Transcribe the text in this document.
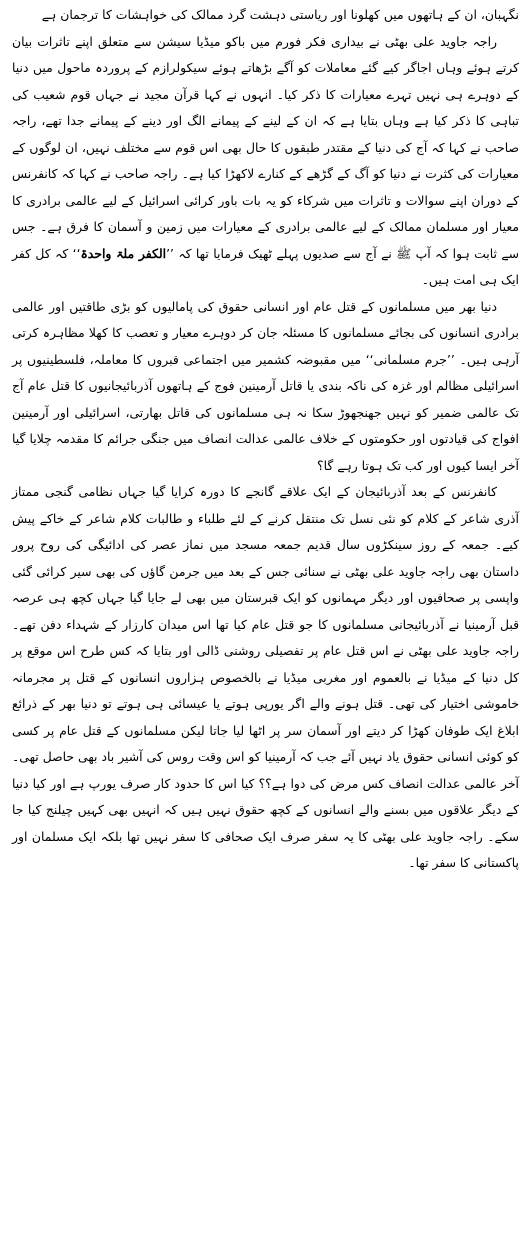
نگہبان، ان کے ہاتھوں میں کھلونا اور ریاستی دہشت گرد ممالک کی خواہشات کا ترجمان ہے

راجہ جاوید علی بھٹی نے بیداری فکر فورم میں باکو میڈیا سیشن سے متعلق اپنے تاثرات بیان کرتے ہوئے وہاں اجاگر کیے گئے معاملات کو آگے بڑھاتے ہوئے سیکولرازم کے پروردہ ماحول میں دنیا کے دوہرے ہی نہیں تہرے معیارات کا ذکر کیا۔ انہوں نے کہا قرآن مجید نے جہاں قوم شعیب کی تباہی کا ذکر کیا ہے وہاں بتایا ہے کہ ان کے لینے کے پیمانے الگ اور دینے کے پیمانے جدا تھے، راجہ صاحب نے کہا کہ آج کی دنیا کے مقتدر طبقوں کا حال بھی اس قوم سے مختلف نہیں، ان لوگوں کے معیارات کی کثرت نے دنیا کو آگ کے گڑھے کے کنارے لاکھڑا کیا ہے۔ راجہ صاحب نے کہا کہ کانفرنس کے دوران اپنے سوالات و تاثرات میں شرکاء کو یہ بات باور کرائی اسرائیل کے لیے عالمی برادری کا معیار اور مسلمان ممالک کے لیے عالمی برادری کے معیارات میں زمین و آسمان کا فرق ہے۔ جس سے ثابت ہوا کہ آپ ﷺ نے آج سے صدیوں پہلے ٹھیک فرمایا تھا کہ ’’الکفر ملۃ واحدۃ‘‘ کہ کل کفر ایک ہی امت ہیں۔

دنیا بھر میں مسلمانوں کے قتل عام اور انسانی حقوق کی پامالیوں کو بڑی طاقتیں اور عالمی برادری انسانوں کی بجائے مسلمانوں کا مسئلہ جان کر دوہرے معیار و تعصب کا کھلا مظاہرہ کرتی آرہی ہیں۔ ’’جرم مسلمانی‘‘ میں مقبوضہ کشمیر میں اجتماعی قبروں کا معاملہ، فلسطینیوں پر اسرائیلی مظالم اور غزہ کی ناکہ بندی یا قاتل آرمینین فوج کے ہاتھوں آذربائیجانیوں کا قتل عام آج تک عالمی ضمیر کو نہیں جھنجھوڑ سکا نہ ہی مسلمانوں کی قاتل بھارتی، اسرائیلی اور آرمینین افواج کی قیادتوں اور حکومتوں کے خلاف عالمی عدالت انصاف میں جنگی جرائم کا مقدمہ چلایا گیا آخر ایسا کیوں اور کب تک ہوتا رہے گا؟

کانفرنس کے بعد آذربائیجان کے ایک علاقے گانجے کا دورہ کرایا گیا جہاں نظامی گنجی ممتاز آذری شاعر کے کلام کو نئی نسل تک منتقل کرنے کے لئے طلباء و طالبات کلام شاعر کے خاکے پیش کیے۔ جمعہ کے روز سینکڑوں سال قدیم جمعہ مسجد میں نماز عصر کی ادائیگی کی روح پرور داستان بھی راجہ جاوید علی بھٹی نے سنائی جس کے بعد میں جرمن گاؤں کی بھی سیر کرائی گئی واپسی پر صحافیوں اور دیگر مہمانوں کو ایک قبرستان میں بھی لے جایا گیا جہاں کچھ ہی عرصہ قبل آرمینیا نے آذربائیجانی مسلمانوں کا جو قتل عام کیا تھا اس میدان کارزار کے شہداء دفن تھے۔ راجہ جاوید علی بھٹی نے اس قتل عام پر تفصیلی روشنی ڈالی اور بتایا کہ کس طرح اس موقع پر کل دنیا کے میڈیا نے بالعموم اور مغربی میڈیا نے بالخصوص ہزاروں انسانوں کے قتل پر مجرمانہ خاموشی اختیار کی تھی۔ قتل ہونے والے اگر یورپی ہوتے یا عیسائی ہی ہوتے تو دنیا بھر کے ذرائع ابلاغ ایک طوفان کھڑا کر دیتے اور آسمان سر پر اٹھا لیا جاتا لیکن مسلمانوں کے قتل عام پر کسی کو کوئی انسانی حقوق یاد نہیں آئے جب کہ آرمینیا کو اس وقت روس کی آشیر باد بھی حاصل تھی۔ آخر عالمی عدالت انصاف کس مرض کی دوا ہے؟؟ کیا اس کا حدود کار صرف یورپ ہے اور کیا دنیا کے دیگر علاقوں میں بسنے والے انسانوں کے کچھ حقوق نہیں ہیں کہ انہیں بھی کہیں چیلنج کیا جا سکے۔ راجہ جاوید علی بھٹی کا یہ سفر صرف ایک صحافی کا سفر نہیں تھا بلکہ ایک مسلمان اور پاکستانی کا سفر تھا۔
